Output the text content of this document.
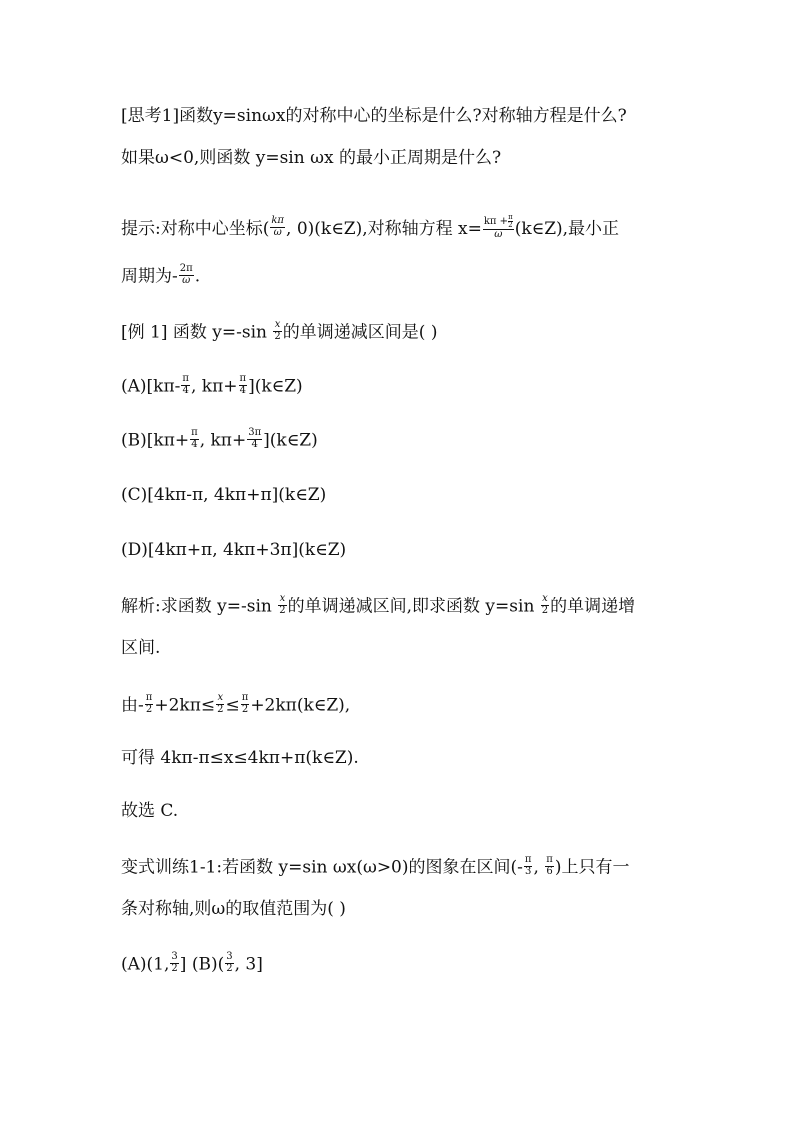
[思考1]函数y=sinωx的对称中心的坐标是什么?对称轴方程是什么?
如果ω<0,则函数 y=sin ωx 的最小正周期是什么?
提示:对称中心坐标( $\frac{k\pi}{\omega}$ , 0)(k∈Z),对称轴方程 $x= \frac{k\pi + \frac{\pi}{2}}{\omega}$ (k∈Z),最小正
周期为- $\frac{2\pi}{\omega}$ .
[例 1] 函数 $y=-\sin \frac{x}{2}$ 的单调递减区间是( )
$(A)[k\pi- \frac{\pi}{4}$ , $k\pi+ \frac{\pi}{4}$ ](k∈Z)
$(B)[k\pi+ \frac{\pi}{4}$ , $k\pi+ \frac{3\pi}{4}$ ](k∈Z)
(C)[4kπ-π, 4kπ+π](k∈Z)
(D)[4kπ+π, 4kπ+3π](k∈Z)
解析:求函数 $y=-\sin \frac{x}{2}$ 的单调递减区间,即求函数 $y=\sin \frac{x}{2}$ 的单调递增
区间.
由- $\frac{\pi}{2} +2k\pi\le \frac{x}{2} \le \frac{\pi}{2}$ +2kπ(k∈Z),
可得 4kπ-π≤x≤4kπ+π(k∈Z).
故选 C.
变式训练1-1:若函数 y=sin ωx(ω>0)的图象在区间(- $\frac{\pi}{3}$ , $\frac{\pi}{6}$ )上只有一
条对称轴,则ω的取值范围为( )
(A)(1, $\frac{3}{2}$ ] $(B)( \frac{3}{2}$ , 3]
